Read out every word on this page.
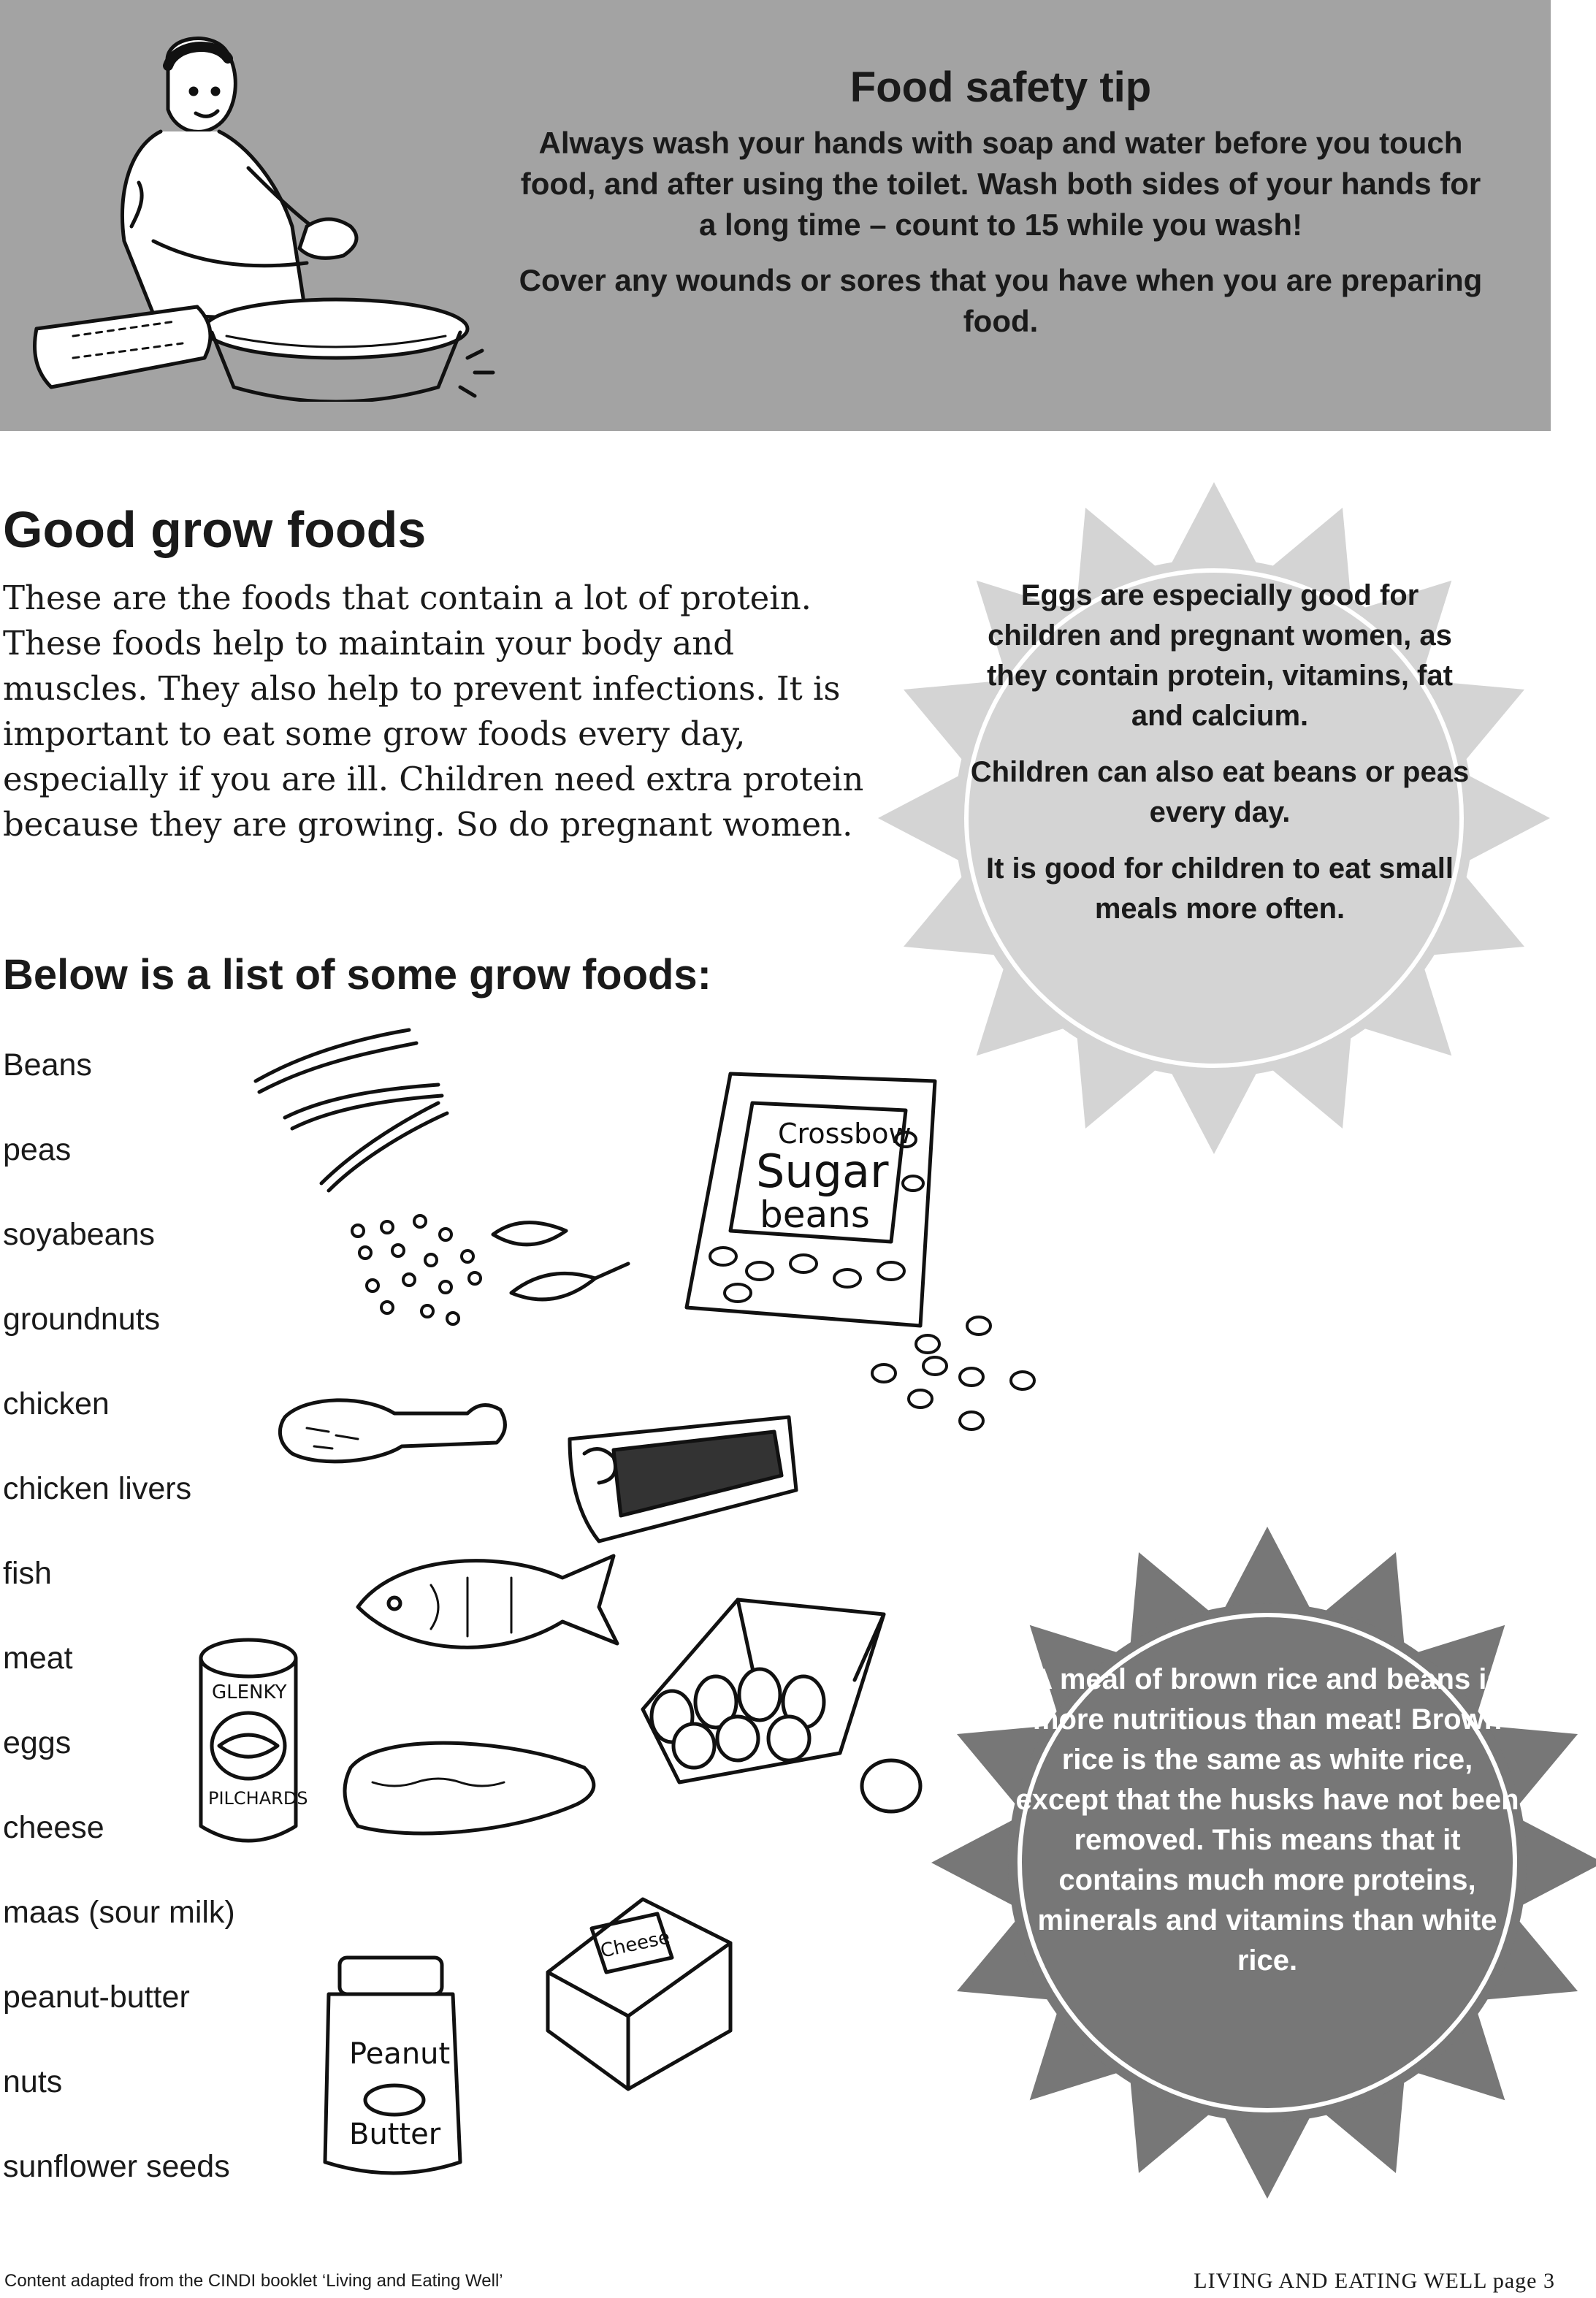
Food safety tip

Always wash your hands with soap and water before you touch food, and after using the toilet. Wash both sides of your hands for a long time – count to 15 while you wash!

Cover any wounds or sores that you have when you are preparing food.

Good grow foods

These are the foods that contain a lot of protein. These foods help to maintain your body and muscles. They also help to prevent infections. It is important to eat some grow foods every day, especially if you are ill. Children need extra protein because they are growing. So do pregnant women.

Below is a list of some grow foods:
Beans
peas
soyabeans
groundnuts
chicken
chicken livers
fish
meat
eggs
cheese
maas (sour milk)
peanut-butter
nuts
sunflower seeds
Crossbow
Sugar
beans
GLENKY
PILCHARDS
Cheese
Peanut
Butter

Eggs are especially good for children and pregnant women, as they contain protein, vitamins, fat and calcium.

Children can also eat beans or peas every day.

It is good for children to eat small meals more often.

A meal of brown rice and beans is more nutritious than meat! Brown rice is the same as white rice, except that the husks have not been removed. This means that it contains much more proteins, minerals and vitamins than white rice.

Content adapted from the CINDI booklet ‘Living and Eating Well’	LIVING AND EATING WELL page 3
